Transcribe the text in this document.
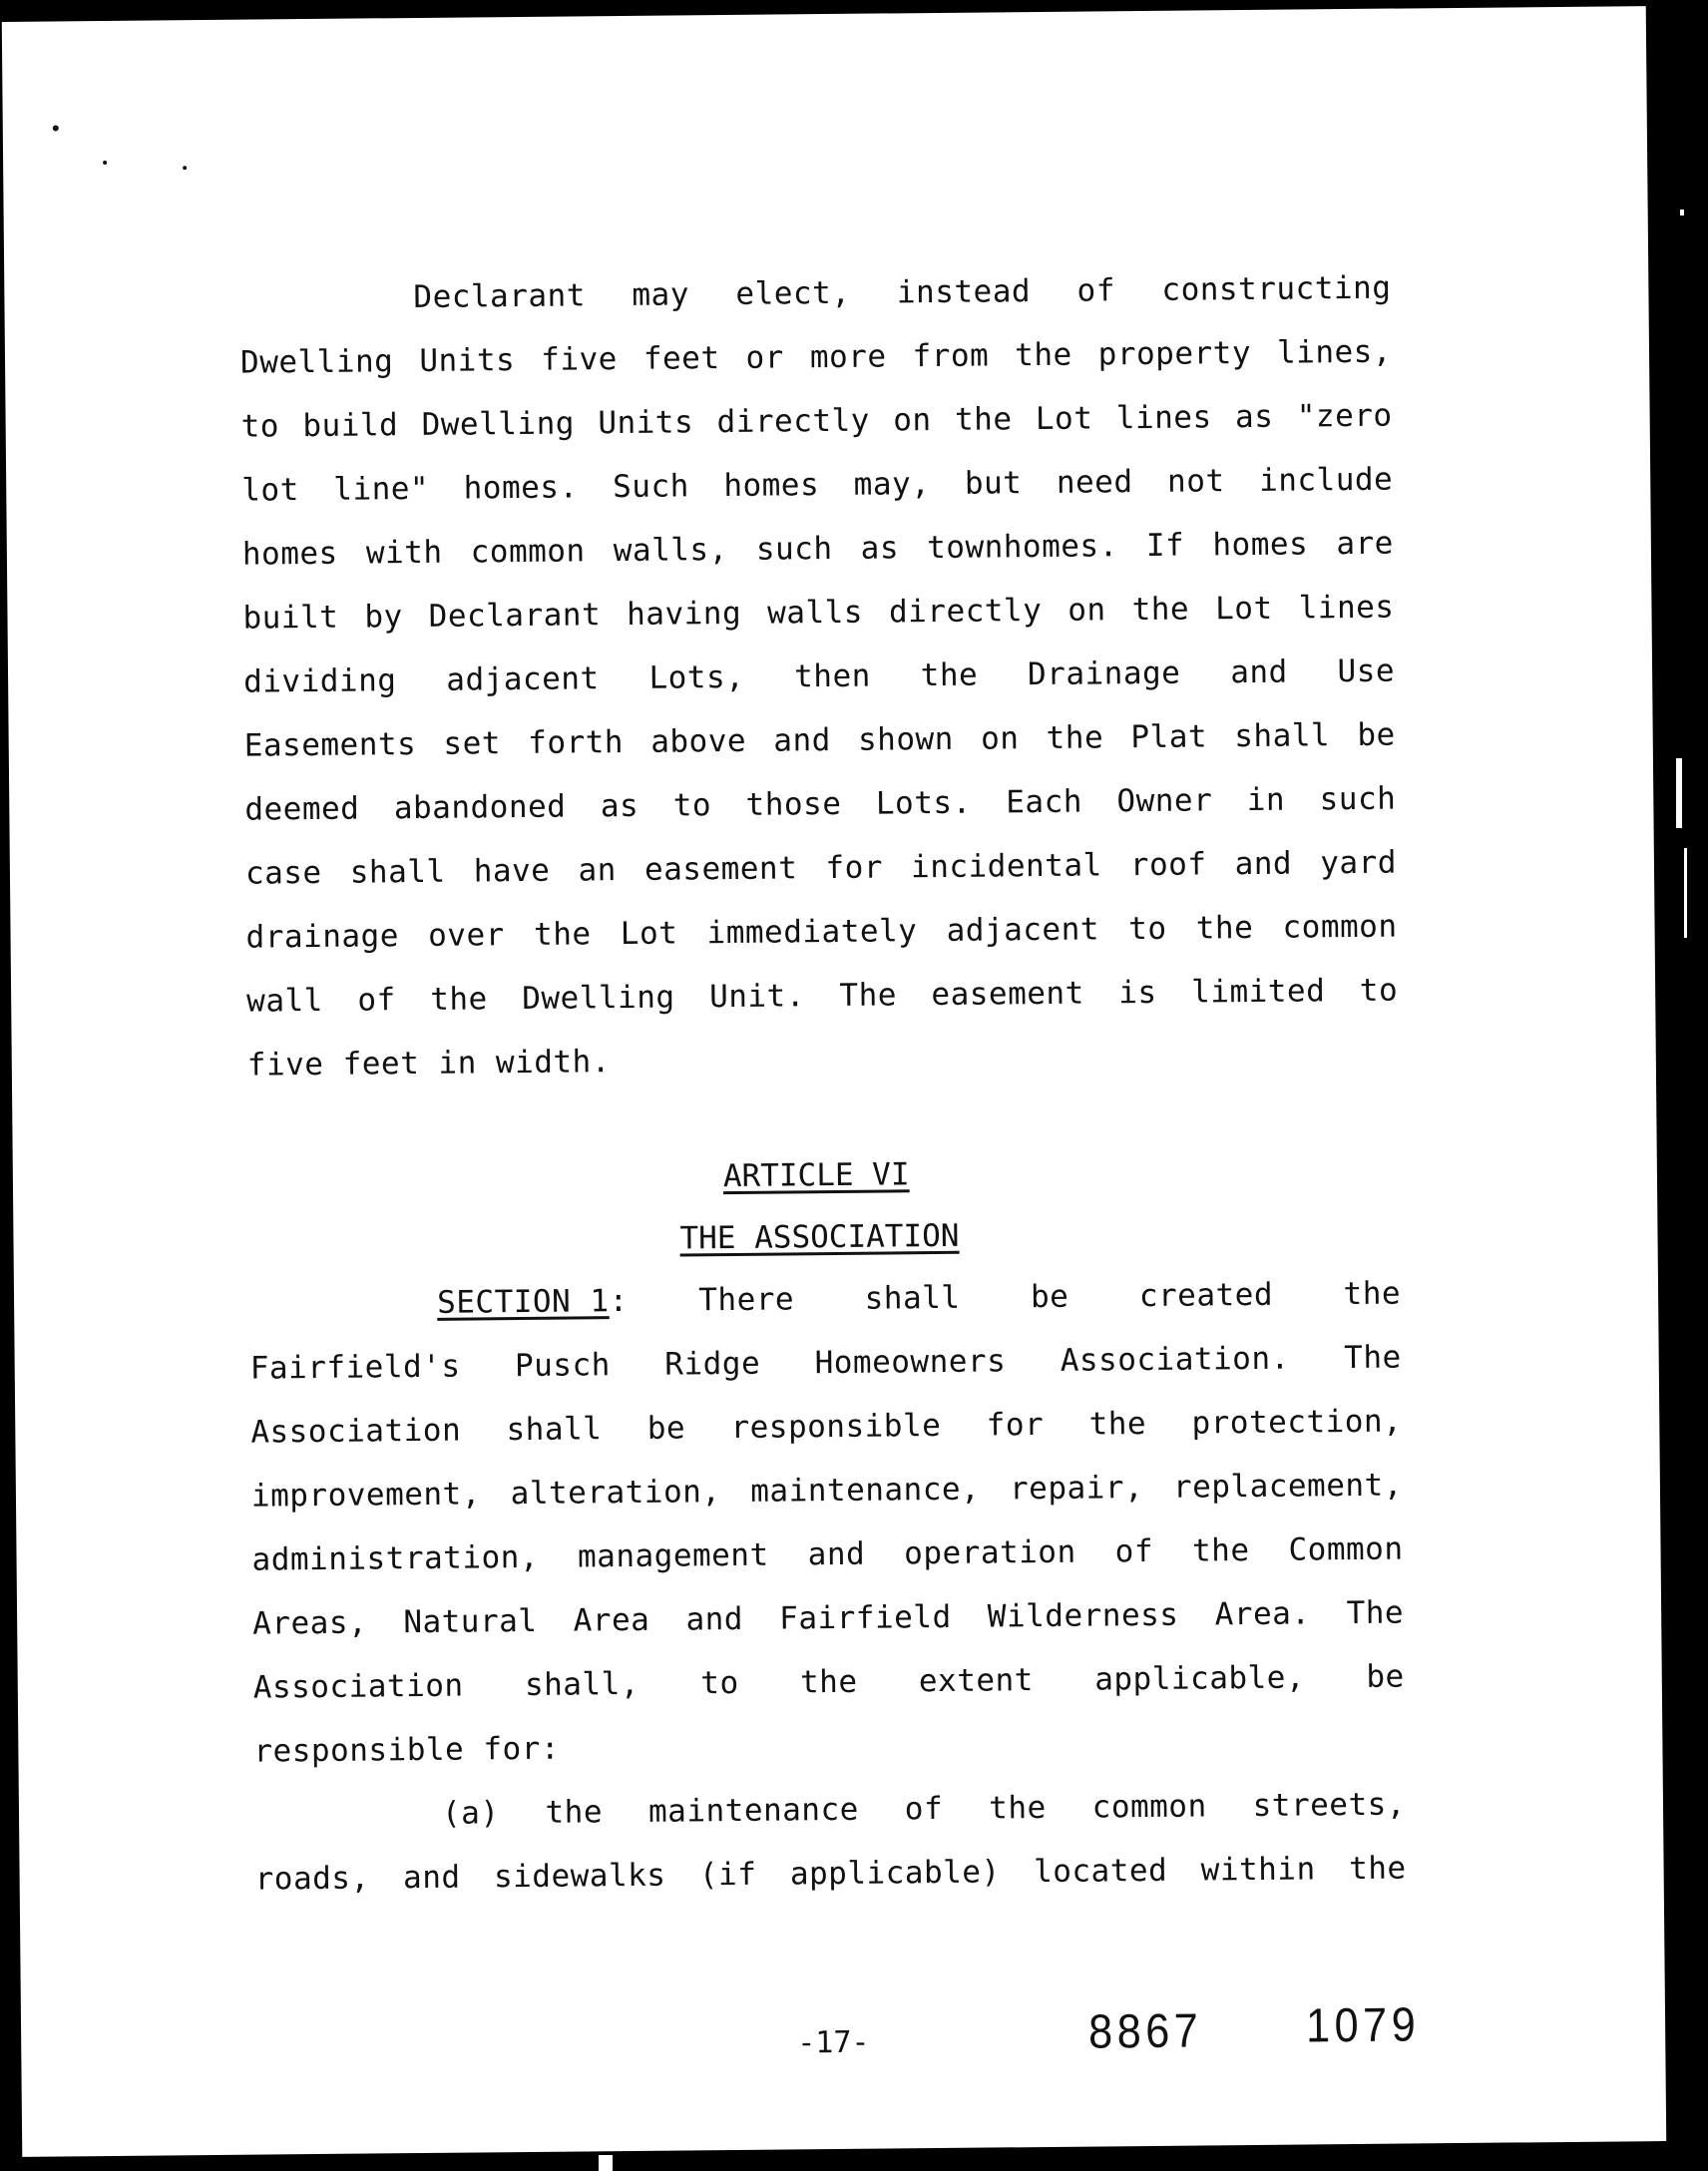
Declarant may elect, instead of constructing

Dwelling Units five feet or more from the property lines,

to build Dwelling Units directly on the Lot lines as "zero

lot line" homes. Such homes may, but need not include

homes with common walls, such as townhomes. If homes are

built by Declarant having walls directly on the Lot lines

dividing adjacent Lots, then the Drainage and Use

Easements set forth above and shown on the Plat shall be

deemed abandoned as to those Lots. Each Owner in such

case shall have an easement for incidental roof and yard

drainage over the Lot immediately adjacent to the common

wall of the Dwelling Unit. The easement is limited to

five feet in width.

ARTICLE VI
THE ASSOCIATION

SECTION 1 : There shall be created the

Fairfield's Pusch Ridge Homeowners Association. The

Association shall be responsible for the protection,

improvement, alteration, maintenance, repair, replacement,

administration, management and operation of the Common

Areas, Natural Area and Fairfield Wilderness Area. The

Association shall, to the extent applicable, be

responsible for:

(a) the maintenance of the common streets,

roads, and sidewalks (if applicable) located within the

-17-	8867 1079
